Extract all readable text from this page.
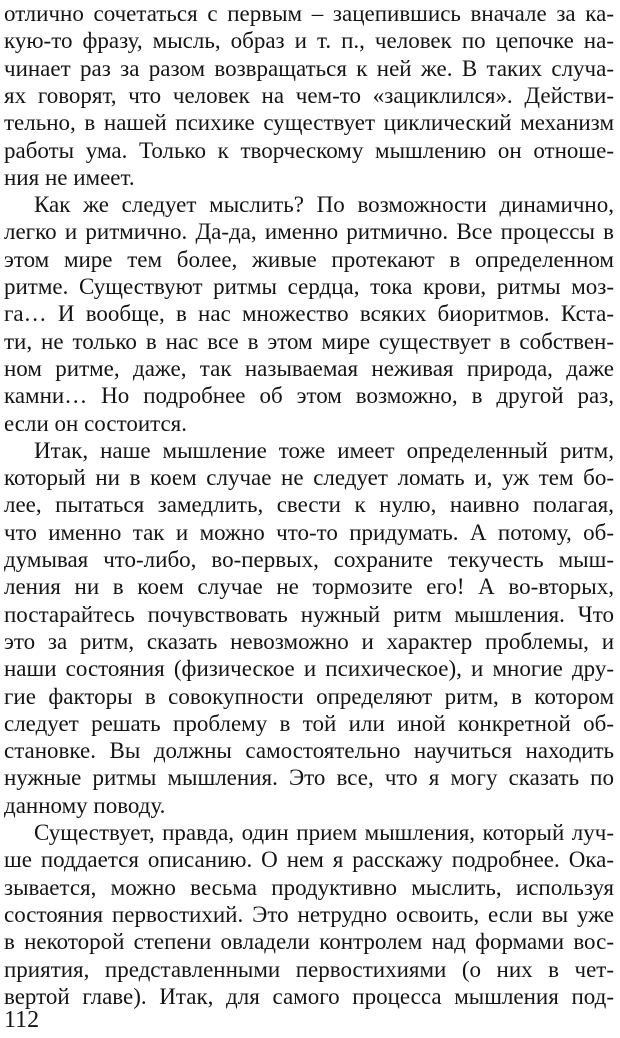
отлично сочетаться с первым – зацепившись вначале за ка-
кую-то фразу, мысль, образ и т. п., человек по цепочке на-
чинает раз за разом возвращаться к ней же. В таких случа-
ях говорят, что человек на чем-то «зациклился». Действи-
тельно, в нашей психике существует циклический механизм
работы ума. Только к творческому мышлению он отноше-
ния не имеет.
Как же следует мыслить? По возможности динамично,
легко и ритмично. Да-да, именно ритмично. Все процессы в
этом мире тем более, живые протекают в определенном
ритме. Существуют ритмы сердца, тока крови, ритмы моз-
га… И вообще, в нас множество всяких биоритмов. Кста-
ти, не только в нас все в этом мире существует в собствен-
ном ритме, даже, так называемая неживая природа, даже
камни… Но подробнее об этом возможно, в другой раз,
если он состоится.
Итак, наше мышление тоже имеет определенный ритм,
который ни в коем случае не следует ломать и, уж тем бо-
лее, пытаться замедлить, свести к нулю, наивно полагая,
что именно так и можно что-то придумать. А потому, об-
думывая что-либо, во-первых, сохраните текучесть мыш-
ления ни в коем случае не тормозите его! А во-вторых,
постарайтесь почувствовать нужный ритм мышления. Что
это за ритм, сказать невозможно и характер проблемы, и
наши состояния (физическое и психическое), и многие дру-
гие факторы в совокупности определяют ритм, в котором
следует решать проблему в той или иной конкретной об-
становке. Вы должны самостоятельно научиться находить
нужные ритмы мышления. Это все, что я могу сказать по
данному поводу.
Существует, правда, один прием мышления, который луч-
ше поддается описанию. О нем я расскажу подробнее. Ока-
зывается, можно весьма продуктивно мыслить, используя
состояния первостихий. Это нетрудно освоить, если вы уже
в некоторой степени овладели контролем над формами вос-
приятия, представленными первостихиями (о них в чет-
вертой главе). Итак, для самого процесса мышления под-
112
